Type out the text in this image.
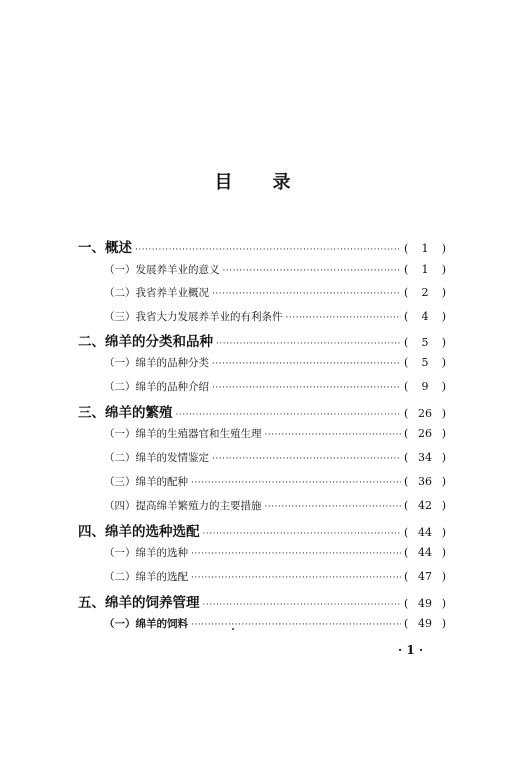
目 录
一、概述 ·····	( 1 )
（一）发展养羊业的意义 ·····	( 1 )
（二）我省养羊业概况 ·····	( 2 )
（三）我省大力发展养羊业的有利条件 ·····	( 4 )
二、绵羊的分类和品种 ·····	( 5 )
（一）绵羊的品种分类 ·····	( 5 )
（二）绵羊的品种介绍 ·····	( 9 )
三、绵羊的繁殖 ·····	( 26 )
（一）绵羊的生殖器官和生殖生理 ·····	( 26 )
（二）绵羊的发情鉴定 ·····	( 34 )
（三）绵羊的配种 ·····	( 36 )
（四）提高绵羊繁殖力的主要措施 ·····	( 42 )
四、绵羊的选种选配 ·····	( 44 )
（一）绵羊的选种 ·····	( 44 )
（二）绵羊的选配 ·····	( 47 )
五、绵羊的饲养管理 ·····	( 49 )
（一）绵羊的饲料 ·····	( 49 )
· 1 ·
